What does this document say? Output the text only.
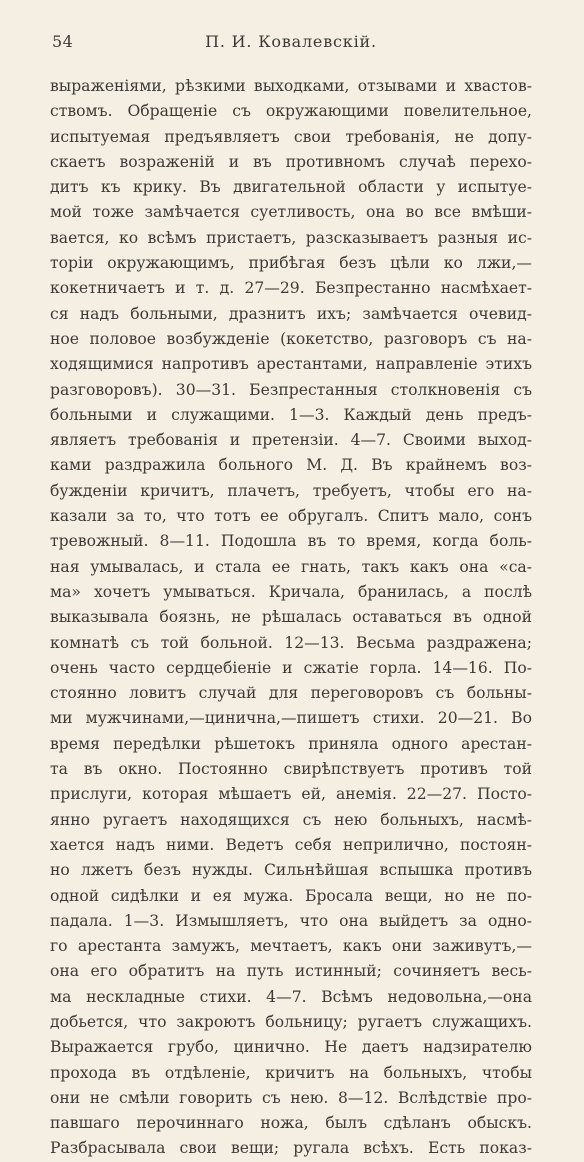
54	П. И. Ковалевскій.
выраженіями, рѣзкими выходками, отзывами и хвастов-
ствомъ. Обращеніе съ окружающими повелительное,
испытуемая предъявляетъ свои требованія, не допу-
скаетъ возраженій и въ противномъ случаѣ перехо-
дитъ къ крику. Въ двигательной области у испытуе-
мой тоже замѣчается суетливость, она во все вмѣши-
вается, ко всѣмъ пристаетъ, разсказываетъ разныя ис-
торіи окружающимъ, прибѣгая безъ цѣли ко лжи,—
кокетничаетъ и т. д. 27—29. Безпрестанно насмѣхает-
ся надъ больными, дразнитъ ихъ; замѣчается очевид-
ное половое возбужденіе (кокетство, разговоръ съ на-
ходящимися напротивъ арестантами, направленіе этихъ
разговоровъ). 30—31. Безпрестанныя столкновенія съ
больными и служащими. 1—3. Каждый день предъ-
являетъ требованія и претензіи. 4—7. Своими выход-
ками раздражила больного М. Д. Въ крайнемъ воз-
бужденіи кричитъ, плачетъ, требуетъ, чтобы его на-
казали за то, что тотъ ее обругалъ. Спитъ мало, сонъ
тревожный. 8—11. Подошла въ то время, когда боль-
ная умывалась, и стала ее гнать, такъ какъ она «са-
ма» хочетъ умываться. Кричала, бранилась, а послѣ
выказывала боязнь, не рѣшалась оставаться въ одной
комнатѣ съ той больной. 12—13. Весьма раздражена;
очень часто сердцебіеніе и сжатіе горла. 14—16. По-
стоянно ловитъ случай для переговоровъ съ больны-
ми мужчинами,—цинична,—пишетъ стихи. 20—21. Во
время передѣлки рѣшетокъ приняла одного арестан-
та въ окно. Постоянно свирѣпствуетъ противъ той
прислуги, которая мѣшаетъ ей, анемія. 22—27. Посто-
янно ругаетъ находящихся съ нею больныхъ, насмѣ-
хается надъ ними. Ведетъ себя неприлично, постоян-
но лжетъ безъ нужды. Сильнѣйшая вспышка противъ
одной сидѣлки и ея мужа. Бросала вещи, но не по-
падала. 1—3. Измышляетъ, что она выйдетъ за одно-
го арестанта замужъ, мечтаетъ, какъ они заживутъ,—
она его обратитъ на путь истинный; сочиняетъ весь-
ма нескладные стихи. 4—7. Всѣмъ недовольна,—она
добьется, что закроютъ больницу; ругаетъ служащихъ.
Выражается грубо, цинично. Не даетъ надзирателю
прохода въ отдѣленіе, кричитъ на больныхъ, чтобы
они не смѣли говорить съ нею. 8—12. Вслѣдствіе про-
павшаго перочиннаго ножа, былъ сдѣланъ обыскъ.
Разбрасывала свои вещи; ругала всѣхъ. Есть показ-
